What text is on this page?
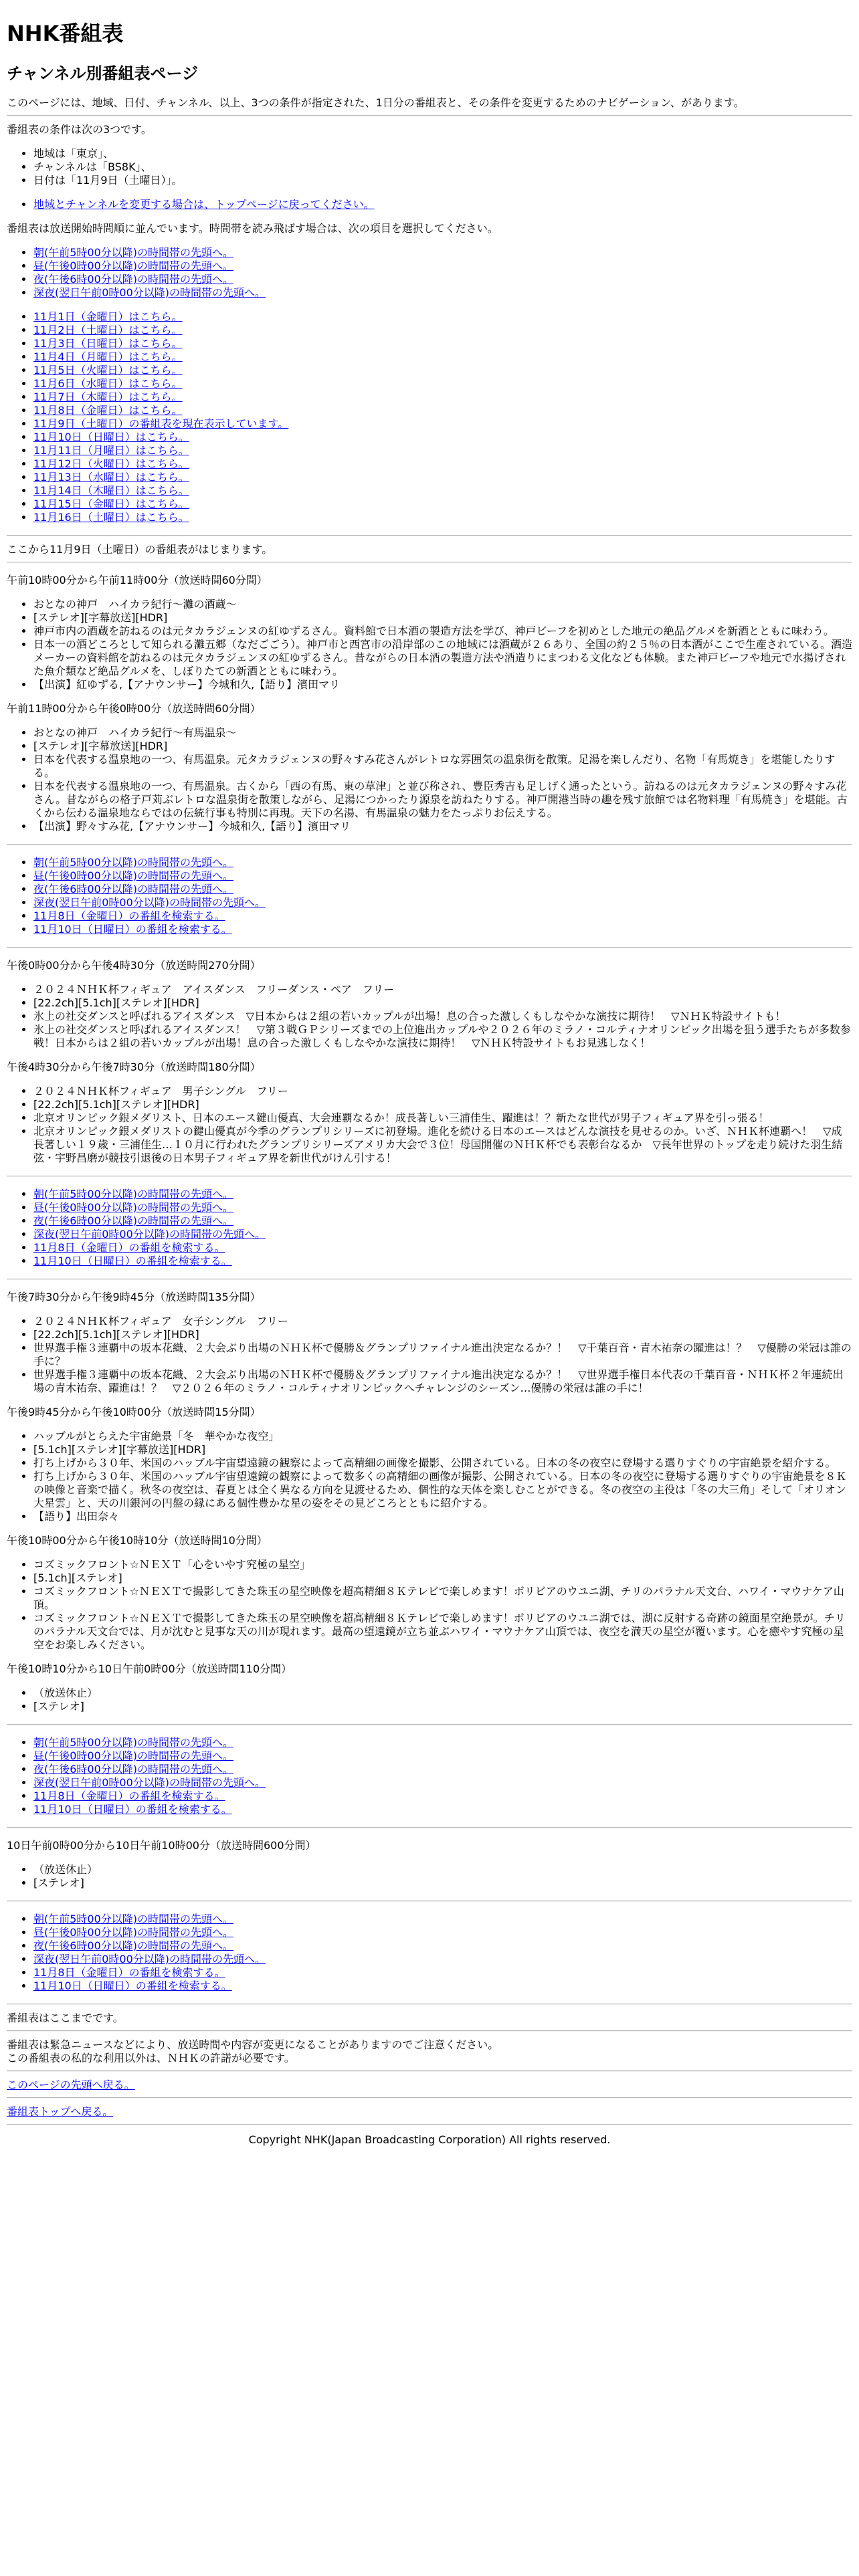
NHK番組表
チャンネル別番組表ページ

このページには、地域、日付、チャンネル、以上、3つの条件が指定された、1日分の番組表と、その条件を変更するためのナビゲーション、があります。

番組表の条件は次の3つです。

• 地域は「東京」、
• チャンネルは「BS8K」、
• 日付は「11月9日（土曜日）」。
• 地域とチャンネルを変更する場合は、トップページに戻ってください。

番組表は放送開始時間順に並んでいます。時間帯を読み飛ばす場合は、次の項目を選択してください。

• 朝(午前5時00分以降)の時間帯の先頭へ。
• 昼(午後0時00分以降)の時間帯の先頭へ。
• 夜(午後6時00分以降)の時間帯の先頭へ。
• 深夜(翌日午前0時00分以降)の時間帯の先頭へ。
• 11月1日（金曜日）はこちら。
• 11月2日（土曜日）はこちら。
• 11月3日（日曜日）はこちら。
• 11月4日（月曜日）はこちら。
• 11月5日（火曜日）はこちら。
• 11月6日（水曜日）はこちら。
• 11月7日（木曜日）はこちら。
• 11月8日（金曜日）はこちら。
• 11月9日（土曜日）の番組表を現在表示しています。
• 11月10日（日曜日）はこちら。
• 11月11日（月曜日）はこちら。
• 11月12日（火曜日）はこちら。
• 11月13日（水曜日）はこちら。
• 11月14日（木曜日）はこちら。
• 11月15日（金曜日）はこちら。
• 11月16日（土曜日）はこちら。

ここから11月9日（土曜日）の番組表がはじまります。

午前10時00分から午前11時00分（放送時間60分間）

• おとなの神戸　ハイカラ紀行〜灘の酒蔵〜
• [ステレオ][字幕放送][HDR]
• 神戸市内の酒蔵を訪ねるのは元タカラジェンヌの紅ゆずるさん。資料館で日本酒の製造方法を学び、神戸ビーフを初めとした地元の絶品グルメを新酒とともに味わう。
• 日本一の酒どころとして知られる灘五郷（なだごごう）。神戸市と西宮市の沿岸部のこの地域には酒蔵が２６あり、全国の約２５％の日本酒がここで生産されている。酒造メーカーの資料館を訪ねるのは元タカラジェンヌの紅ゆずるさん。昔ながらの日本酒の製造方法や酒造りにまつわる文化なども体験。また神戸ビーフや地元で水揚げされた魚介類など絶品グルメを、しぼりたての新酒とともに味わう。
• 【出演】紅ゆずる,【アナウンサー】今城和久,【語り】濱田マリ

午前11時00分から午後0時00分（放送時間60分間）

• おとなの神戸　ハイカラ紀行〜有馬温泉〜
• [ステレオ][字幕放送][HDR]
• 日本を代表する温泉地の一つ、有馬温泉。元タカラジェンヌの野々すみ花さんがレトロな雰囲気の温泉街を散策。足湯を楽しんだり、名物「有馬焼き」を堪能したりする。
• 日本を代表する温泉地の一つ、有馬温泉。古くから「西の有馬、東の草津」と並び称され、豊臣秀吉も足しげく通ったという。訪ねるのは元タカラジェンヌの野々すみ花さん。昔ながらの格子戸苅ぶレトロな温泉街を散策しながら、足湯につかったり源泉を訪ねたりする。神戸開港当時の趣を残す旅館では名物料理「有馬焼き」を堪能。古くから伝わる温泉地ならではの伝統行事も特別に再現。天下の名湯、有馬温泉の魅力をたっぷりお伝えする。
• 【出演】野々すみ花,【アナウンサー】今城和久,【語り】濱田マリ
• 朝(午前5時00分以降)の時間帯の先頭へ。
• 昼(午後0時00分以降)の時間帯の先頭へ。
• 夜(午後6時00分以降)の時間帯の先頭へ。
• 深夜(翌日午前0時00分以降)の時間帯の先頭へ。
• 11月8日（金曜日）の番組を検索する。
• 11月10日（日曜日）の番組を検索する。

午後0時00分から午後4時30分（放送時間270分間）

• ２０２４ＮＨＫ杯フィギュア　アイスダンス　フリーダンス・ペア　フリー
• [22.2ch][5.1ch][ステレオ][HDR]
• 氷上の社交ダンスと呼ばれるアイスダンス　▽日本からは２組の若いカップルが出場！息の合った激しくもしなやかな演技に期待！　▽ＮＨＫ特設サイトも！
• 氷上の社交ダンスと呼ばれるアイスダンス！　▽第３戦ＧＰシリーズまでの上位進出カップルや２０２６年のミラノ・コルティナオリンピック出場を狙う選手たちが多数参戦！日本からは２組の若いカップルが出場！息の合った激しくもしなやかな演技に期待！　▽ＮＨＫ特設サイトもお見逃しなく！

午後4時30分から午後7時30分（放送時間180分間）

• ２０２４ＮＨＫ杯フィギュア　男子シングル　フリー
• [22.2ch][5.1ch][ステレオ][HDR]
• 北京オリンピック銀メダリスト、日本のエース鍵山優真、大会連覇なるか！成長著しい三浦佳生、躍進は！？新たな世代が男子フィギュア界を引っ張る！
• 北京オリンピック銀メダリストの鍵山優真が今季のグランプリシリーズに初登場。進化を続ける日本のエースはどんな演技を見せるのか。いざ、ＮＨＫ杯連覇へ！　▽成長著しい１９歳・三浦佳生…１０月に行われたグランプリシリーズアメリカ大会で３位！母国開催のＮＨＫ杯でも表彰台なるか　▽長年世界のトップを走り続けた羽生結弦・宇野昌磨が競技引退後の日本男子フィギュア界を新世代がけん引する！
• 朝(午前5時00分以降)の時間帯の先頭へ。
• 昼(午後0時00分以降)の時間帯の先頭へ。
• 夜(午後6時00分以降)の時間帯の先頭へ。
• 深夜(翌日午前0時00分以降)の時間帯の先頭へ。
• 11月8日（金曜日）の番組を検索する。
• 11月10日（日曜日）の番組を検索する。

午後7時30分から午後9時45分（放送時間135分間）

• ２０２４ＮＨＫ杯フィギュア　女子シングル　フリー
• [22.2ch][5.1ch][ステレオ][HDR]
• 世界選手権３連覇中の坂本花織、２大会ぶり出場のＮＨＫ杯で優勝＆グランプリファイナル進出決定なるか？！　▽千葉百音・青木祐奈の躍進は！？　▽優勝の栄冠は誰の手に？
• 世界選手権３連覇中の坂本花織、２大会ぶり出場のＮＨＫ杯で優勝＆グランプリファイナル進出決定なるか？！　▽世界選手権日本代表の千葉百音・ＮＨＫ杯２年連続出場の青木祐奈、躍進は！？　▽２０２６年のミラノ・コルティナオリンピックへチャレンジのシーズン…優勝の栄冠は誰の手に！

午後9時45分から午後10時00分（放送時間15分間）

• ハッブルがとらえた宇宙絶景「冬　華やかな夜空」
• [5.1ch][ステレオ][字幕放送][HDR]
• 打ち上げから３０年、米国のハッブル宇宙望遠鏡の観察によって高精細の画像を撮影、公開されている。日本の冬の夜空に登場する選りすぐりの宇宙絶景を紹介する。
• 打ち上げから３０年、米国のハッブル宇宙望遠鏡の観察によって数多くの高精細の画像が撮影、公開されている。日本の冬の夜空に登場する選りすぐりの宇宙絶景を８Ｋの映像と音楽で描く。秋冬の夜空は、春夏とは全く異なる方向を見渡せるため、個性的な天体を楽しむことができる。冬の夜空の主役は「冬の大三角」そして「オリオン大星雲」と、天の川銀河の円盤の縁にある個性豊かな星の姿をその見どころとともに紹介する。
• 【語り】出田奈々

午後10時00分から午後10時10分（放送時間10分間）

• コズミックフロント☆ＮＥＸＴ「心をいやす究極の星空」
• [5.1ch][ステレオ]
• コズミックフロント☆ＮＥＸＴで撮影してきた珠玉の星空映像を超高精細８Ｋテレビで楽しめます！ボリビアのウユニ湖、チリのパラナル天文台、ハワイ・マウナケア山頂。
• コズミックフロント☆ＮＥＸＴで撮影してきた珠玉の星空映像を超高精細８Ｋテレビで楽しめます！ボリビアのウユニ湖では、湖に反射する奇跡の鏡面星空絶景が。チリのパラナル天文台では、月が沈むと見事な天の川が現れます。最高の望遠鏡が立ち並ぶハワイ・マウナケア山頂では、夜空を満天の星空が覆います。心を癒やす究極の星空をお楽しみください。

午後10時10分から10日午前0時00分（放送時間110分間）

• （放送休止）
• [ステレオ]
• 朝(午前5時00分以降)の時間帯の先頭へ。
• 昼(午後0時00分以降)の時間帯の先頭へ。
• 夜(午後6時00分以降)の時間帯の先頭へ。
• 深夜(翌日午前0時00分以降)の時間帯の先頭へ。
• 11月8日（金曜日）の番組を検索する。
• 11月10日（日曜日）の番組を検索する。

10日午前0時00分から10日午前10時00分（放送時間600分間）

• （放送休止）
• [ステレオ]
• 朝(午前5時00分以降)の時間帯の先頭へ。
• 昼(午後0時00分以降)の時間帯の先頭へ。
• 夜(午後6時00分以降)の時間帯の先頭へ。
• 深夜(翌日午前0時00分以降)の時間帯の先頭へ。
• 11月8日（金曜日）の番組を検索する。
• 11月10日（日曜日）の番組を検索する。

番組表はここまでです。

番組表は緊急ニュースなどにより、放送時間や内容が変更になることがありますのでご注意ください。

この番組表の私的な利用以外は、ＮＨＫの許諾が必要です。

このページの先頭へ戻る。

番組表トップへ戻る。

Copyright NHK(Japan Broadcasting Corporation) All rights reserved.
